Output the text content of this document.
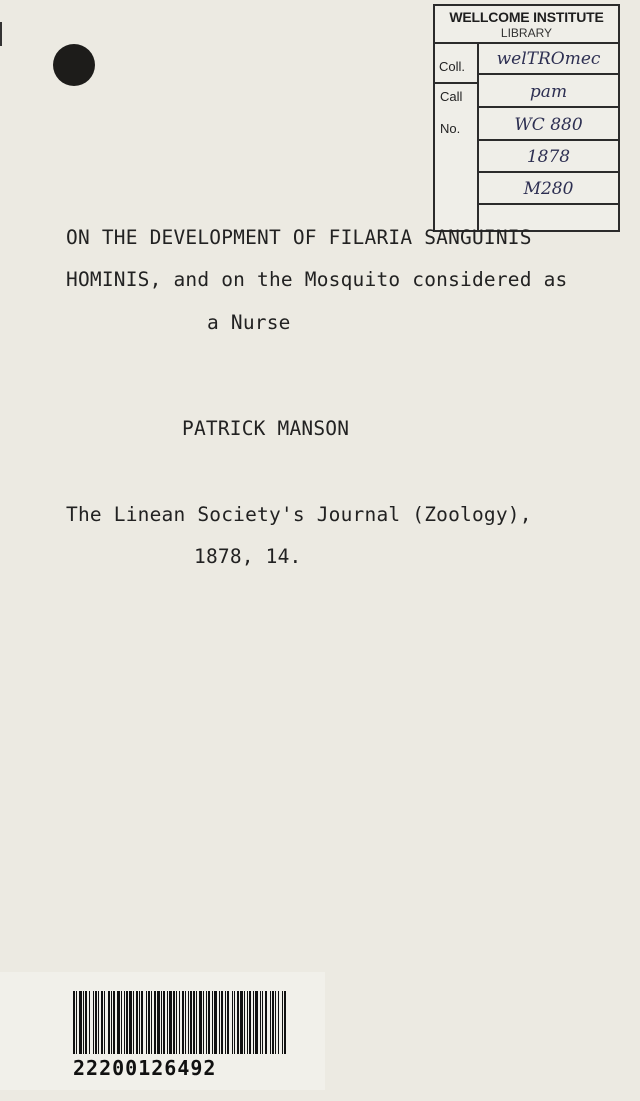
WELLCOME INSTITUTE
LIBRARY
Coll.
Call
No.
welTROmec
pam
WC 880
1878
M280
ON THE DEVELOPMENT OF FILARIA SANGUINIS
HOMINIS, and on the Mosquito considered as
a Nurse
PATRICK MANSON
The Linean Society's Journal (Zoology),
1878, 14.
22200126492
